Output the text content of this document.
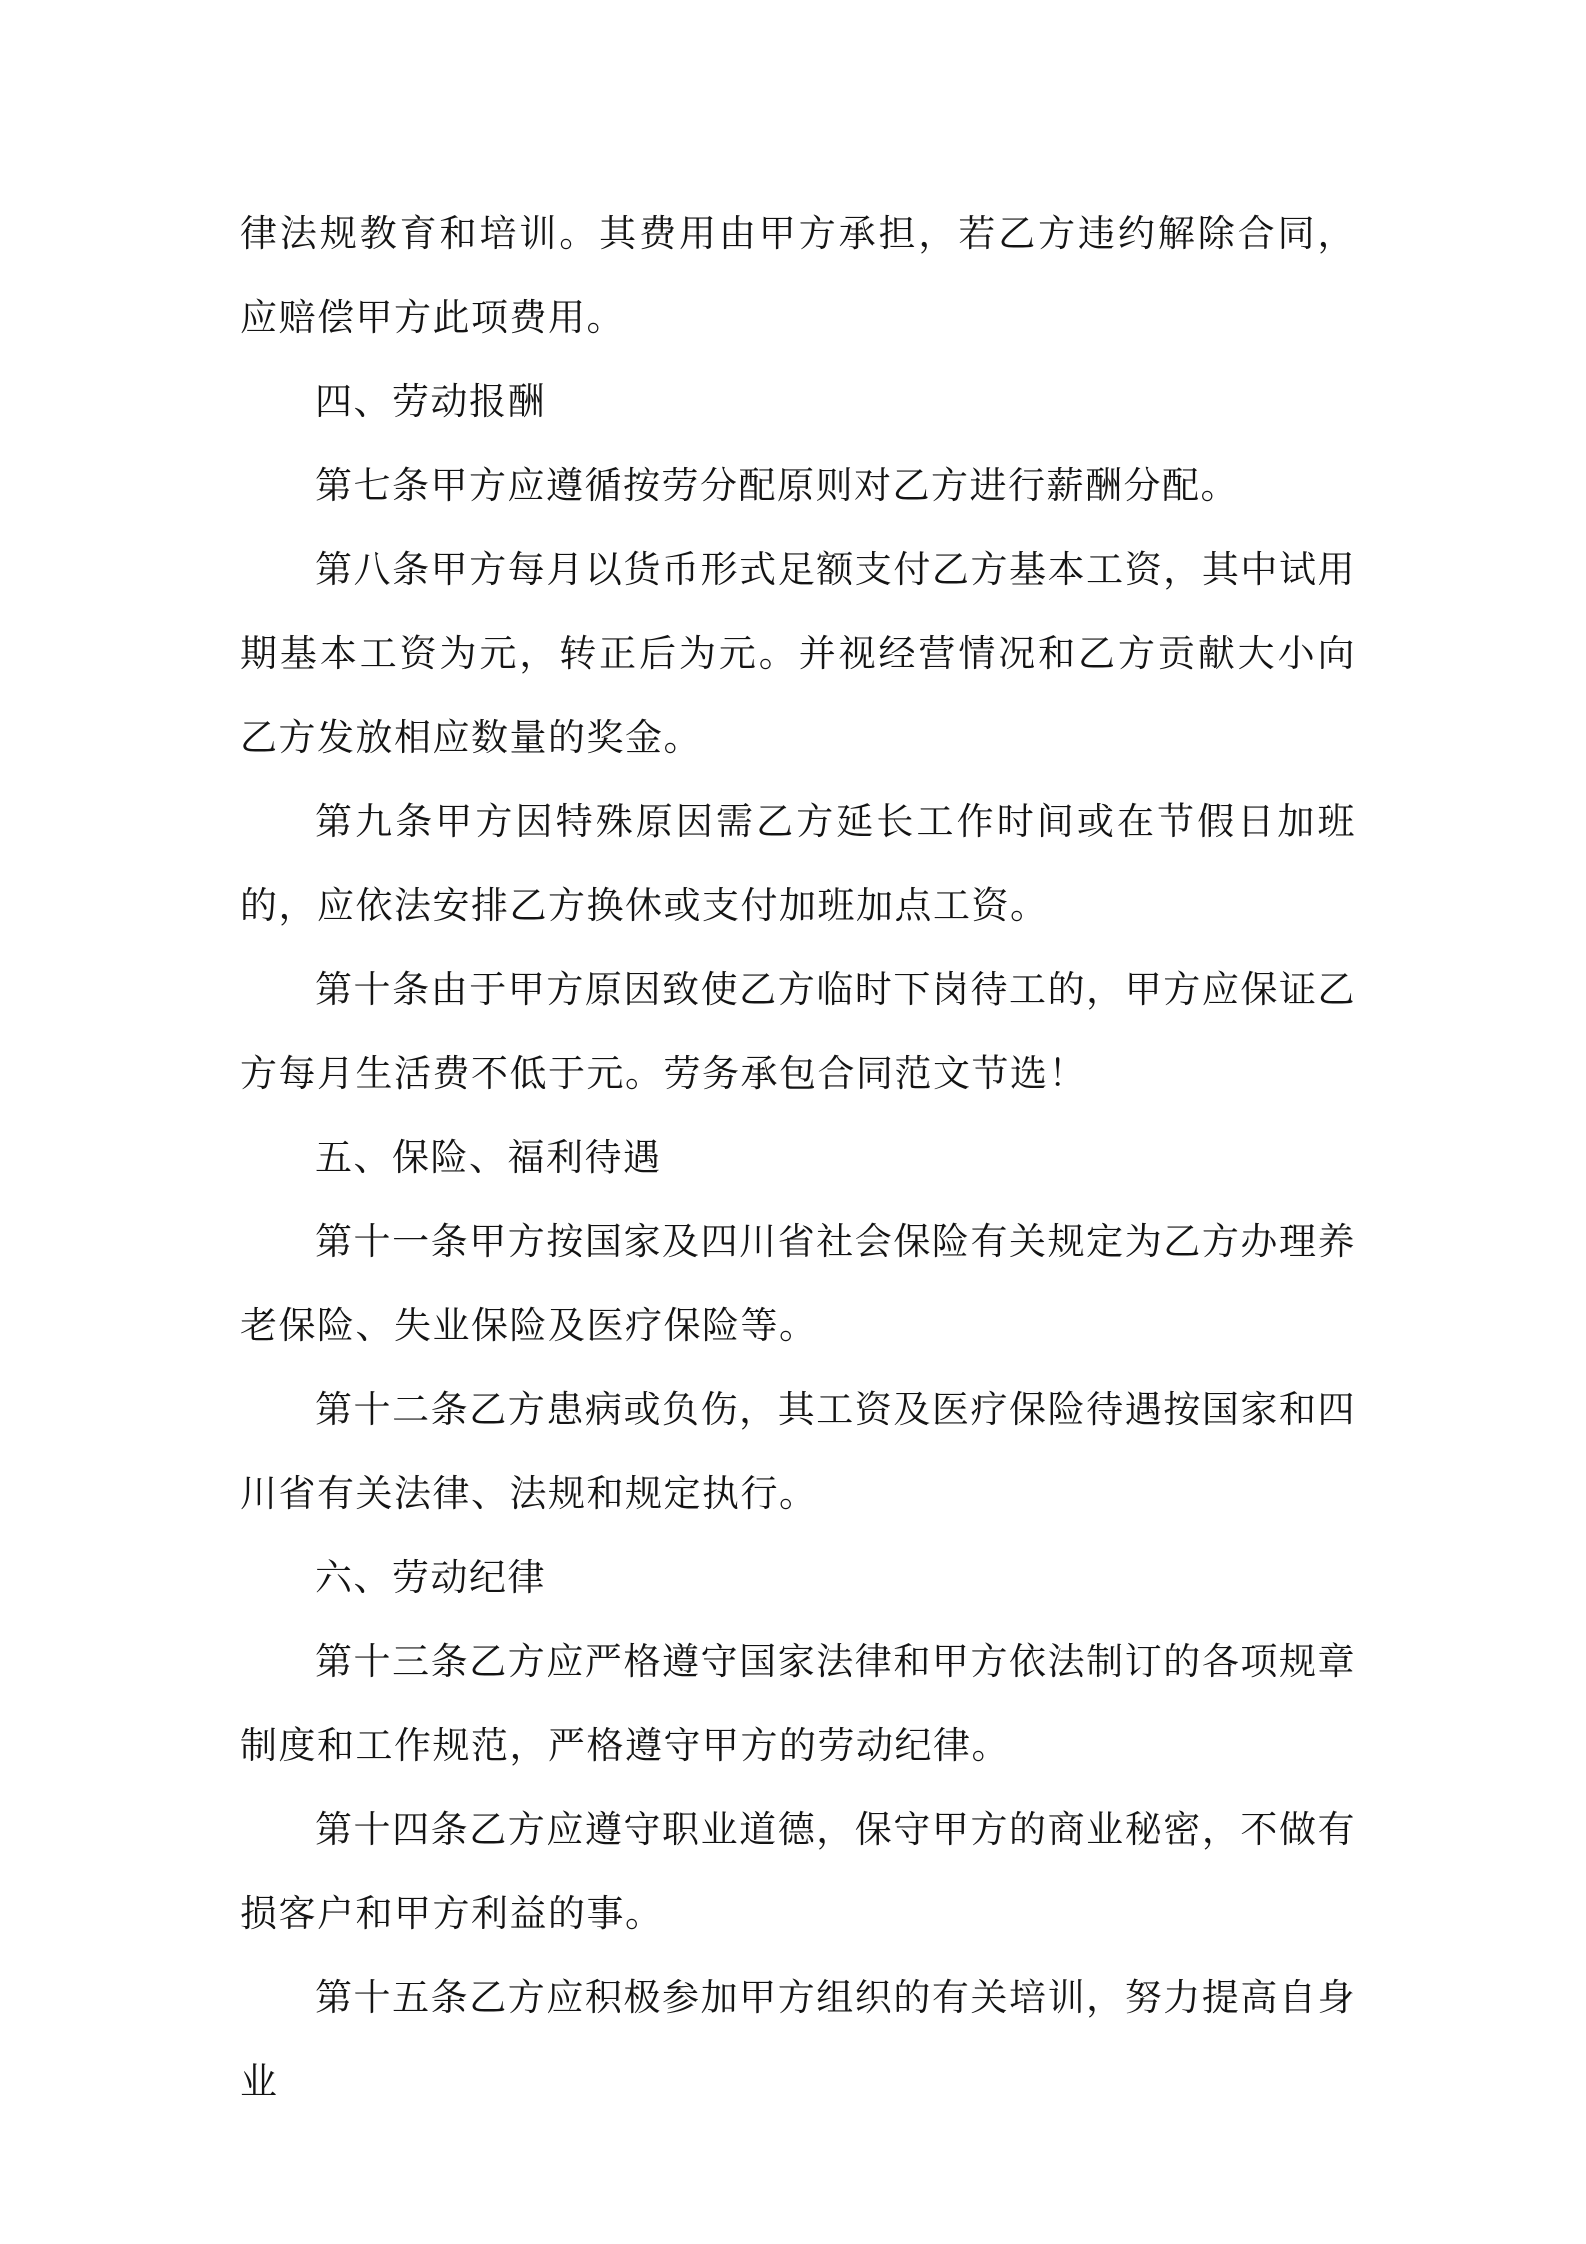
律法规教育和培训。其费用由甲方承担，若乙方违约解除合同，应赔偿甲方此项费用。

四、劳动报酬

第七条甲方应遵循按劳分配原则对乙方进行薪酬分配。

第八条甲方每月以货币形式足额支付乙方基本工资，其中试用期基本工资为元，转正后为元。并视经营情况和乙方贡献大小向乙方发放相应数量的奖金。

第九条甲方因特殊原因需乙方延长工作时间或在节假日加班的，应依法安排乙方换休或支付加班加点工资。

第十条由于甲方原因致使乙方临时下岗待工的，甲方应保证乙方每月生活费不低于元。劳务承包合同范文节选！

五、保险、福利待遇

第十一条甲方按国家及四川省社会保险有关规定为乙方办理养老保险、失业保险及医疗保险等。

第十二条乙方患病或负伤，其工资及医疗保险待遇按国家和四川省有关法律、法规和规定执行。

六、劳动纪律

第十三条乙方应严格遵守国家法律和甲方依法制订的各项规章制度和工作规范，严格遵守甲方的劳动纪律。

第十四条乙方应遵守职业道德，保守甲方的商业秘密，不做有损客户和甲方利益的事。

第十五条乙方应积极参加甲方组织的有关培训，努力提高自身业
